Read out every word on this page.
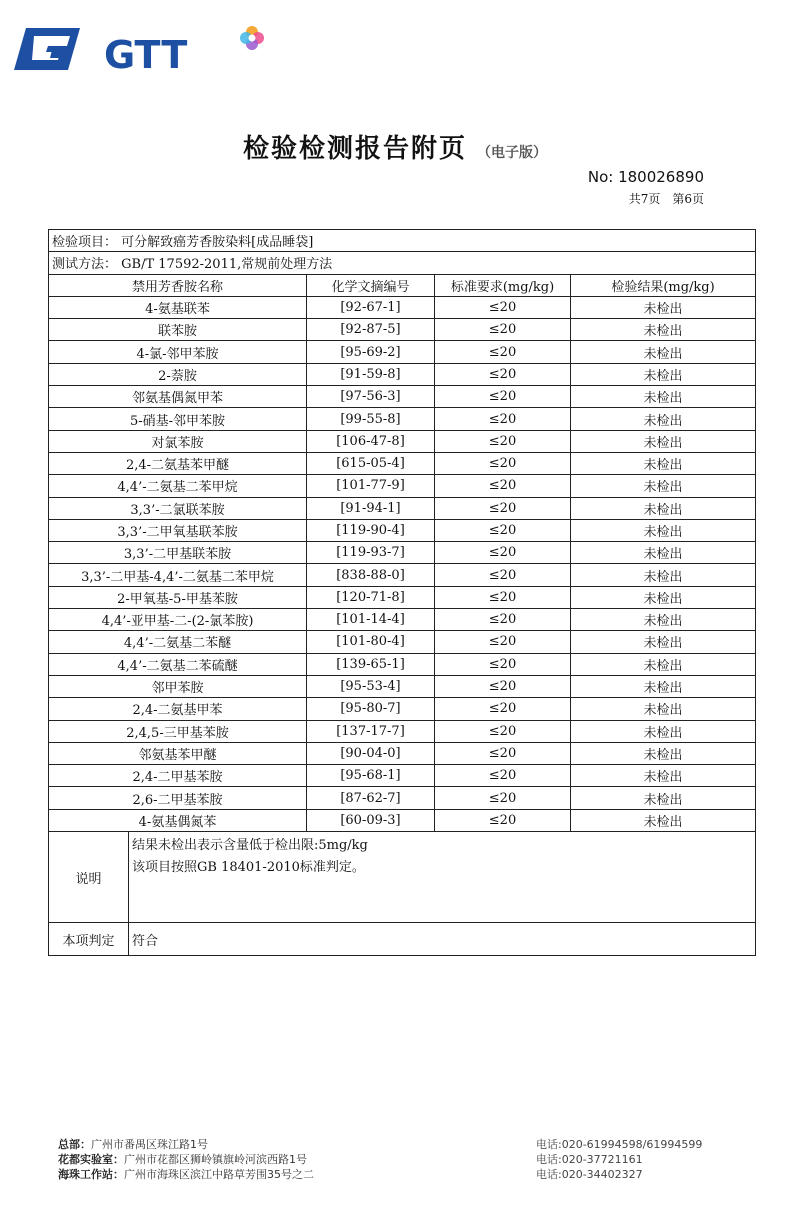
GTT
检验检测报告附页 （电子版）
No: 180026890
共7页 第6页
检验项目： 可分解致癌芳香胺染料[成品睡袋]				
测试方法： GB/T 17592-2011,常规前处理方法				
禁用芳香胺名称		化学文摘编号	标准要求(mg/kg)	检验结果(mg/kg)
4-氨基联苯		[92-67-1]	≤20	未检出
联苯胺		[92-87-5]	≤20	未检出
4-氯-邻甲苯胺		[95-69-2]	≤20	未检出
2-萘胺		[91-59-8]	≤20	未检出
邻氨基偶氮甲苯		[97-56-3]	≤20	未检出
5-硝基-邻甲苯胺		[99-55-8]	≤20	未检出
对氯苯胺		[106-47-8]	≤20	未检出
2,4-二氨基苯甲醚		[615-05-4]	≤20	未检出
4,4’-二氨基二苯甲烷		[101-77-9]	≤20	未检出
3,3’-二氯联苯胺		[91-94-1]	≤20	未检出
3,3’-二甲氧基联苯胺		[119-90-4]	≤20	未检出
3,3’-二甲基联苯胺		[119-93-7]	≤20	未检出
3,3’-二甲基-4,4’-二氨基二苯甲烷		[838-88-0]	≤20	未检出
2-甲氧基-5-甲基苯胺		[120-71-8]	≤20	未检出
4,4’-亚甲基-二-(2-氯苯胺)		[101-14-4]	≤20	未检出
4,4’-二氨基二苯醚		[101-80-4]	≤20	未检出
4,4’-二氨基二苯硫醚		[139-65-1]	≤20	未检出
邻甲苯胺		[95-53-4]	≤20	未检出
2,4-二氨基甲苯		[95-80-7]	≤20	未检出
2,4,5-三甲基苯胺		[137-17-7]	≤20	未检出
邻氨基苯甲醚		[90-04-0]	≤20	未检出
2,4-二甲基苯胺		[95-68-1]	≤20	未检出
2,6-二甲基苯胺		[87-62-7]	≤20	未检出
4-氨基偶氮苯		[60-09-3]	≤20	未检出
说明	结果未检出表示含量低于检出限:5mg/kg
该项目按照GB 18401-2010标准判定。			

本项判定	符合			
总部：广州市番禺区珠江路1号	电话:020-61994598/61994599
花都实验室：广州市花都区狮岭镇旗岭河滨西路1号	电话:020-37721161
海珠工作站：广州市海珠区滨江中路草芳围35号之二	电话:020-34402327
